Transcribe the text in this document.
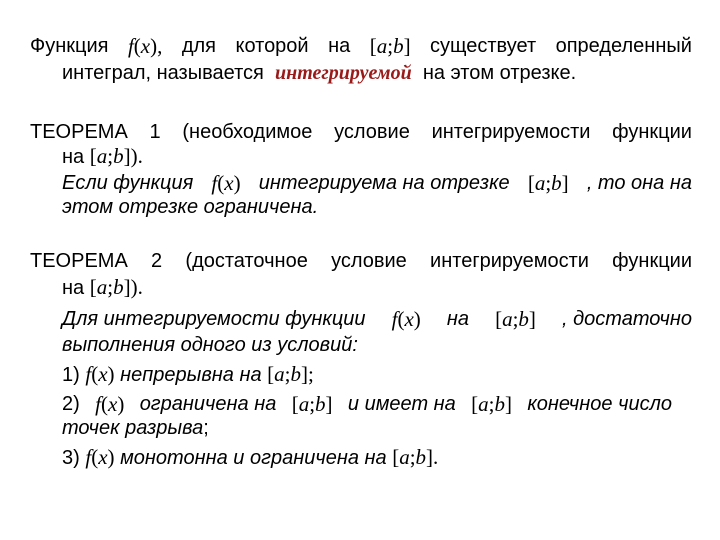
Функция f(x), для которой на [a;b] существует определенный
интеграл, называется интегрируемой на этом отрезке.
ТЕОРЕМА 1 (необходимое условие интегрируемости функции
на [a;b]).
Если функция f(x) интегрируема на отрезке [a;b] , то она на
этом отрезке ограничена.
ТЕОРЕМА 2 (достаточное условие интегрируемости функции
на [a;b]).
Для интегрируемости функции f(x) на [a;b] , достаточно
выполнения одного из условий:
1) f(x) непрерывна на [a;b];
2) f(x) ограничена на [a;b] и имеет на [a;b] конечное число
точек разрыва;
3) f(x) монотонна и ограничена на [a;b].
